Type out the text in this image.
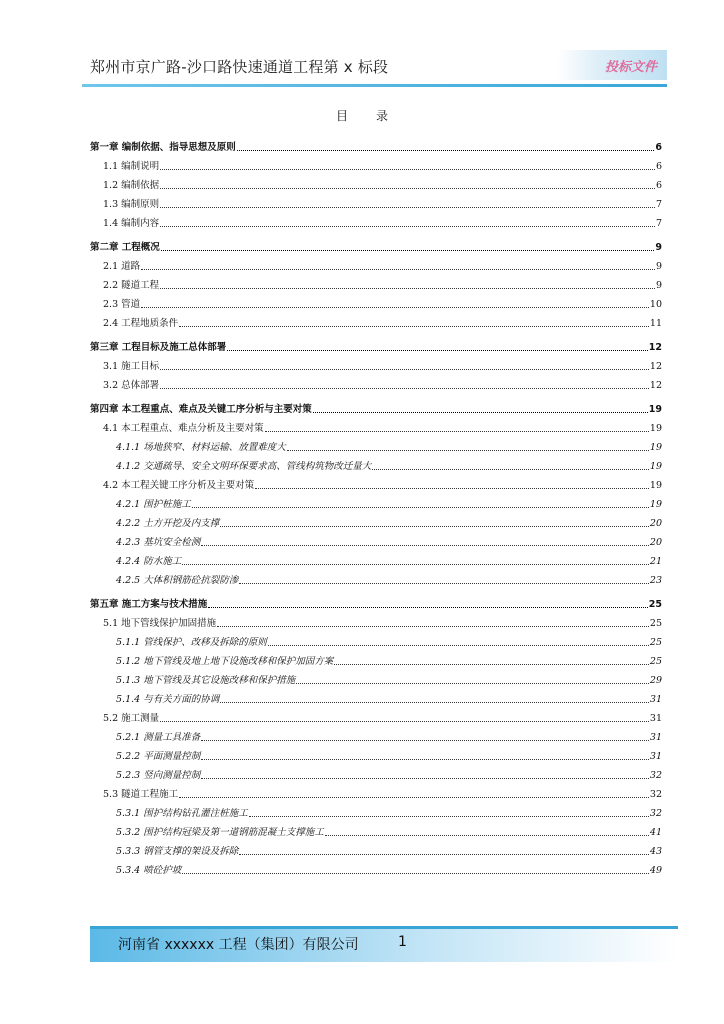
郑州市京广路-沙口路快速通道工程第 x 标段	投标文件
目录
第一章 编制依据、指导思想及原则	6
1.1 编制说明	6
1.2 编制依据	6
1.3 编制原则	7
1.4 编制内容	7
第二章 工程概况	9
2.1 道路	9
2.2 隧道工程	9
2.3 管道	10
2.4 工程地质条件	11
第三章 工程目标及施工总体部署	12
3.1 施工目标	12
3.2 总体部署	12
第四章 本工程重点、难点及关键工序分析与主要对策	19
4.1 本工程重点、难点分析及主要对策	19
4.1.1 场地狭窄、材料运输、放置难度大	19
4.1.2 交通疏导、安全文明环保要求高、管线构筑物改迁量大	19
4.2 本工程关键工序分析及主要对策	19
4.2.1 围护桩施工	19
4.2.2 土方开挖及内支撑	20
4.2.3 基坑安全检测	20
4.2.4 防水施工	21
4.2.5 大体积钢筋砼抗裂防渗	23
第五章 施工方案与技术措施	25
5.1 地下管线保护加固措施	25
5.1.1 管线保护、改移及拆除的原则	25
5.1.2 地下管线及地上地下设施改移和保护加固方案	25
5.1.3 地下管线及其它设施改移和保护措施	29
5.1.4 与有关方面的协调	31
5.2 施工测量	31
5.2.1 测量工具准备	31
5.2.2 平面测量控制	31
5.2.3 竖向测量控制	32
5.3 隧道工程施工	32
5.3.1 围护结构钻孔灌注桩施工	32
5.3.2 围护结构冠梁及第一道钢筋混凝土支撑施工	41
5.3.3 钢管支撑的架设及拆除	43
5.3.4 喷砼护坡	49
河南省 xxxxxx 工程（集团）有限公司	1
